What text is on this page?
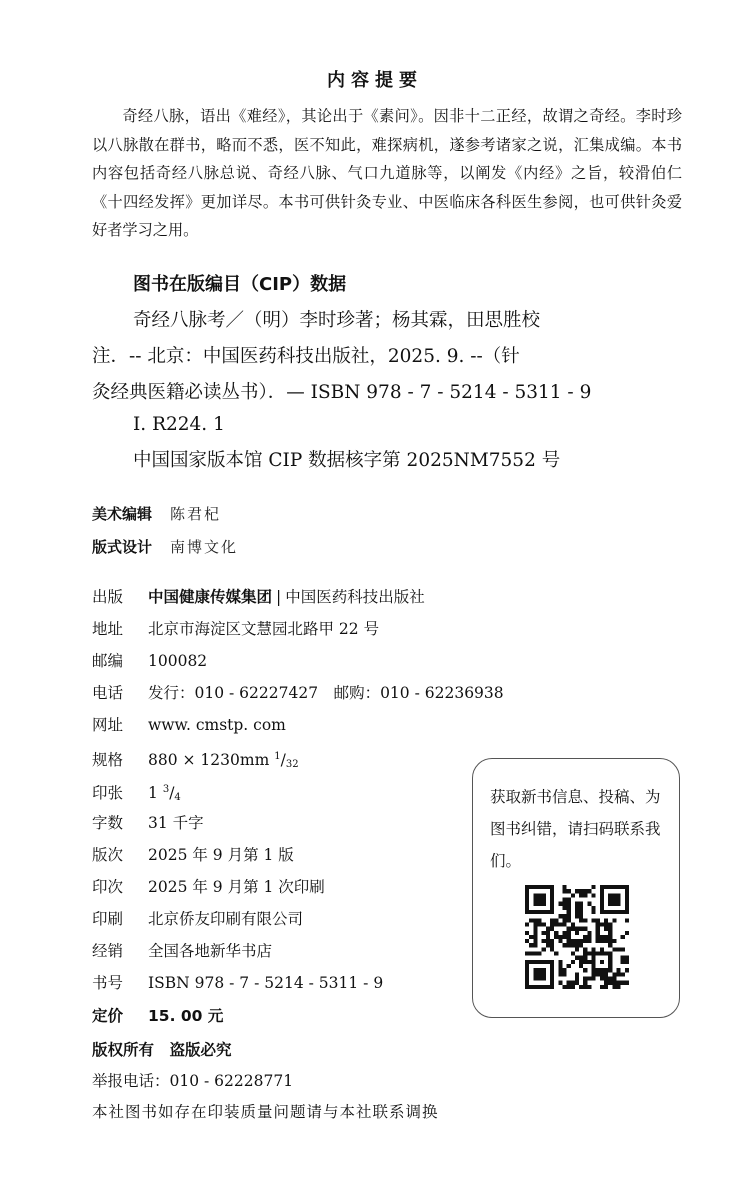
内容提要

奇经八脉，语出《难经》，其论出于《素问》。因非十二正经，故谓之奇经。李时珍以八脉散在群书，略而不悉，医不知此，难探病机，遂参考诸家之说，汇集成编。本书内容包括奇经八脉总说、奇经八脉、气口九道脉等，以阐发《内经》之旨，较滑伯仁《十四经发挥》更加详尽。本书可供针灸专业、中医临床各科医生参阅，也可供针灸爱好者学习之用。

图书在版编目（CIP）数据
奇经八脉考／（明）李时珍著；杨其霖，田思胜校
注．-- 北京：中国医药科技出版社，2025. 9. --（针
灸经典医籍必读丛书）．— ISBN 978 - 7 - 5214 - 5311 - 9
Ⅰ. R224. 1
中国国家版本馆 CIP 数据核字第 2025NM7552 号
美术编辑 陈君杞
版式设计 南博文化
出版 中国健康传媒集团 | 中国医药科技出版社
地址 北京市海淀区文慧园北路甲 22 号
邮编 100082
电话 发行：010 - 62227427　邮购：010 - 62236938
网址 www. cmstp. com
规格 880 × 1230mm $^1/_{32}$
印张 1 $^3/_4$
字数 31 千字
版次 2025 年 9 月第 1 版
印次 2025 年 9 月第 1 次印刷
印刷 北京侨友印刷有限公司
经销 全国各地新华书店
书号 ISBN 978 - 7 - 5214 - 5311 - 9
定价 15. 00 元
版权所有　盗版必究
举报电话：010 - 62228771
本社图书如存在印装质量问题请与本社联系调换

获取新书信息、投稿、为图书纠错，请扫码联系我们。
